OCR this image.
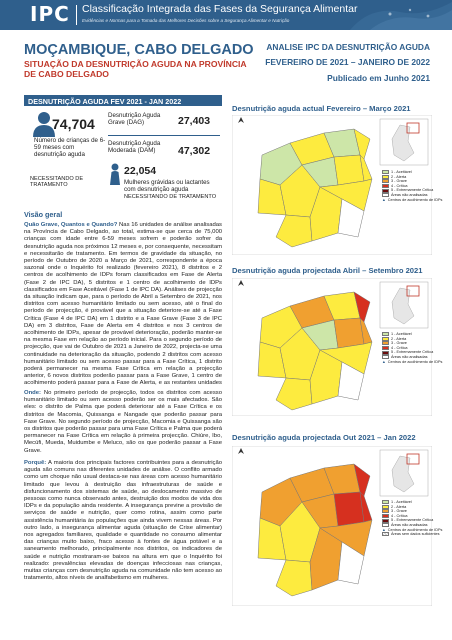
IPC Classificação Integrada das Fases da Segurança Alimentar
Evidências e Normas para a Tomada das Melhores Decisões sobre a Segurança Alimentar e Nutrição
MOÇAMBIQUE, CABO DELGADO
SITUAÇÃO DA DESNUTRIÇÃO AGUDA NA PROVÍNCIA DE CABO DELGADO
ANALISE IPC DA DESNUTRIÇÃO AGUDA
FEVEREIRO DE 2021 – JANEIRO DE 2022
Publicado em Junho 2021
DESNUTRIÇÃO AGUDA FEV 2021 - JAN 2022
74,704
Número de crianças de 6-59 meses com desnutrição aguda
NECESSITANDO DE TRATAMENTO
Desnutrição Aguda Grave (DAG)	27,403
Desnutrição Aguda Moderada (DAM)	47,302
22,054
Mulheres grávidas ou lactantes com desnutrição aguda
NECESSITANDO DE TRATAMENTO
Visão geral
Quão Grave, Quantos e Quando? Nas 16 unidades de análise analisadas na Província de Cabo Delgado, ao total, estima-se que cerca de 75,000 crianças com idade entre 6-59 meses sofrem e poderão sofrer da desnutrição aguda nos próximos 12 meses e, por consequente, necessitam e necessitarão de tratamento. Em termos de gravidade da situação, no período de Outubro de 2020 a Março de 2021, correspondente a época sazonal onde o Inquérito foi realizado (fevereiro 2021), 8 distritos e 2 centros de acolhimento de IDPs foram classificados em Fase de Alerta (Fase 2 de IPC DA), 5 distritos e 1 centro de acolhimento de IDPs classificados em Fase Aceitável (Fase 1 de IPC DA). Análises de projecção da situação indicam que, para o período de Abril a Setembro de 2021, nos distritos com acesso humanitário limitado ou sem acesso, até o final do período de projecção, é provável que a situação deteriore-se até a Fase Crítica (Fase 4 de IPC DA) em 1 distrito e a Fase Grave (Fase 3 de IPC DA) em 3 distritos, Fase de Alerta em 4 distritos e nos 3 centros de acolhimento de IDPs, apesar de provável deterioração, poderão manter-se na mesma Fase em relação ao período inicial. Para o segundo período de projecção, que vai de Outubro de 2021 a Janeiro de 2022, projecta-se uma continuidade na deterioração da situação, podendo 2 distritos com acesso humanitário limitado ou sem acesso passar para a Fase Crítica, 1 distrito poderá permanecer na mesma Fase Crítica em relação a projecção anterior, 6 novos distritos poderão passar para a Fase Grave, 1 centro de acolhimento poderá passar para a Fase de Alerta, e as restantes unidades
Onde: No primeiro período de projecção, todos os distritos com acesso humanitário limitado ou sem acesso poderão ser os mais afectados. São eles: o distrito de Palma que poderá deteriorar até a Fase Crítica e os distritos de Macomia, Quissanga e Nangade que poderão passar para Fase Grave. No segundo período de projecção, Macomia e Quissanga são os distritos que poderão passar para uma Fase Crítica e Palma que poderá permanecer na Fase Crítica em relação à primeira projecção. Chiúre, Ibo, Mecúfi, Mueda, Muidumbe e Meluco, são os que poderão passar a Fase Grave.
Porquê: A maioria dos principais factores contribuintes para a desnutrição aguda são comuns nas diferentes unidades de análise. O conflito armado como um choque não usual destaca-se nas áreas com acesso humanitário limitado que levou à destruição das infraestruturas de saúde e disfuncionamento dos sistemas de saúde, ao deslocamento massivo de pessoas como nunca observado antes, destruição dos modos de vida dos IDPs e da população ainda residente. A insegurança previne a provisão de serviços de saúde e nutrição, quer como rotina, assim como parte assistência humanitária às populações que ainda vivem nessas áreas. Por outro lado, a insegurança alimentar aguda (situação de Crise alimentar) nos agregados familiares, qualidade e quantidade no consumo alimentar das crianças muito baixo, fraco acesso à fontes de água potável e a saneamento melhorado, principalmente nos distritos, os indicadores de saúde e nutrição mostraram-se baixos na altura em que o Inquérito foi realizado: prevalências elevadas de doenças infecciosas nas crianças, muitas crianças com desnutrição aguda na comunidade não tem acesso ao tratamento, altos níveis de analfabetismo em mulheres.
Desnutrição aguda actual Fevereiro – Março 2021
1 - Aceitável
2 - Alerta
3 - Grave
4 - Crítica
5 - Extremamente Crítica
Áreas não analisadas
▲ Centros de acolhimento de IDPs
Desnutrição aguda projectada Abril – Setembro 2021
1 - Aceitável
2 - Alerta
3 - Grave
4 - Crítica
5 - Extremamente Crítica
Áreas não analisadas
▲ Centros de acolhimento de IDPs
Desnutrição aguda projectada Out 2021 – Jan 2022
1 - Aceitável
2 - Alerta
3 - Grave
4 - Crítica
5 - Extremamente Crítica
Áreas não analisadas
▲ Centros de acolhimento de IDPs
Áreas sem dados suficientes
